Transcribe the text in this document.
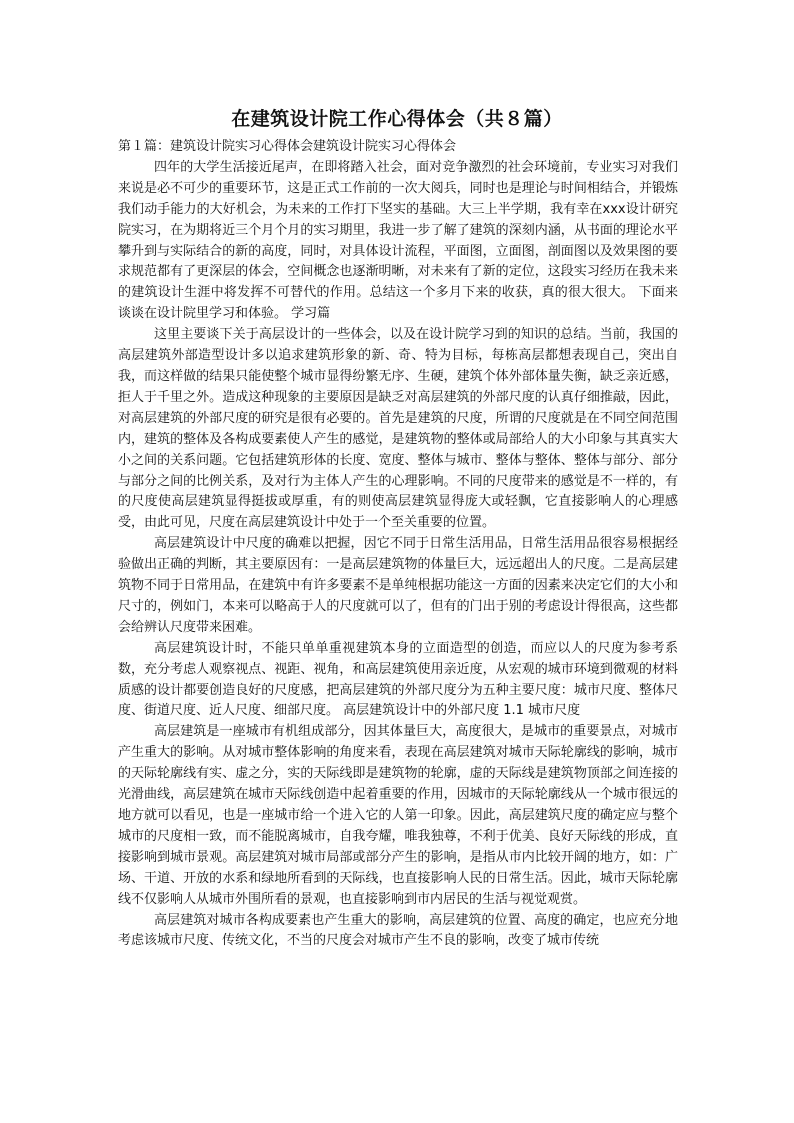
在建筑设计院工作心得体会（共８篇）

第１篇：建筑设计院实习心得体会建筑设计院实习心得体会

四年的大学生活接近尾声，在即将踏入社会，面对竞争激烈的社会环境前，专业实习对我们来说是必不可少的重要环节，这是正式工作前的一次大阅兵，同时也是理论与时间相结合，并锻炼我们动手能力的大好机会，为未来的工作打下坚实的基础。大三上半学期，我有幸在xxx设计研究院实习，在为期将近三个月个月的实习期里，我进一步了解了建筑的深刻内涵，从书面的理论水平攀升到与实际结合的新的高度，同时，对具体设计流程，平面图，立面图，剖面图以及效果图的要求规范都有了更深层的体会，空间概念也逐渐明晰，对未来有了新的定位，这段实习经历在我未来的建筑设计生涯中将发挥不可替代的作用。总结这一个多月下来的收获，真的很大很大。 下面来谈谈在设计院里学习和体验。 学习篇

这里主要谈下关于高层设计的一些体会，以及在设计院学习到的知识的总结。当前，我国的高层建筑外部造型设计多以追求建筑形象的新、奇、特为目标，每栋高层都想表现自己，突出自我，而这样做的结果只能使整个城市显得纷繁无序、生硬，建筑个体外部体量失衡，缺乏亲近感，拒人于千里之外。造成这种现象的主要原因是缺乏对高层建筑的外部尺度的认真仔细推敲，因此，对高层建筑的外部尺度的研究是很有必要的。首先是建筑的尺度，所谓的尺度就是在不同空间范围内，建筑的整体及各构成要素使人产生的感觉，是建筑物的整体或局部给人的大小印象与其真实大小之间的关系问题。它包括建筑形体的长度、宽度、整体与城市、整体与整体、整体与部分、部分与部分之间的比例关系，及对行为主体人产生的心理影响。不同的尺度带来的感觉是不一样的，有的尺度使高层建筑显得挺拔或厚重，有的则使高层建筑显得庞大或轻飘，它直接影响人的心理感受，由此可见，尺度在高层建筑设计中处于一个至关重要的位置。

高层建筑设计中尺度的确难以把握，因它不同于日常生活用品，日常生活用品很容易根据经验做出正确的判断，其主要原因有：一是高层建筑物的体量巨大，远远超出人的尺度。二是高层建筑物不同于日常用品，在建筑中有许多要素不是单纯根据功能这一方面的因素来决定它们的大小和尺寸的，例如门，本来可以略高于人的尺度就可以了，但有的门出于别的考虑设计得很高，这些都会给辨认尺度带来困难。

高层建筑设计时，不能只单单重视建筑本身的立面造型的创造，而应以人的尺度为参考系数，充分考虑人观察视点、视距、视角，和高层建筑使用亲近度，从宏观的城市环境到微观的材料质感的设计都要创造良好的尺度感，把高层建筑的外部尺度分为五种主要尺度：城市尺度、整体尺度、街道尺度、近人尺度、细部尺度。 高层建筑设计中的外部尺度 1.1 城市尺度

高层建筑是一座城市有机组成部分，因其体量巨大，高度很大，是城市的重要景点，对城市产生重大的影响。从对城市整体影响的角度来看，表现在高层建筑对城市天际轮廓线的影响，城市的天际轮廓线有实、虚之分，实的天际线即是建筑物的轮廓，虚的天际线是建筑物顶部之间连接的光滑曲线，高层建筑在城市天际线创造中起着重要的作用，因城市的天际轮廓线从一个城市很远的地方就可以看见，也是一座城市给一个进入它的人第一印象。因此，高层建筑尺度的确定应与整个城市的尺度相一致，而不能脱离城市，自我夸耀，唯我独尊，不利于优美、良好天际线的形成，直接影响到城市景观。高层建筑对城市局部或部分产生的影响，是指从市内比较开阔的地方，如：广场、干道、开放的水系和绿地所看到的天际线，也直接影响人民的日常生活。因此，城市天际轮廓线不仅影响人从城市外围所看的景观，也直接影响到市内居民的生活与视觉观赏。

高层建筑对城市各构成要素也产生重大的影响，高层建筑的位置、高度的确定，也应充分地考虑该城市尺度、传统文化，不当的尺度会对城市产生不良的影响，改变了城市传统
